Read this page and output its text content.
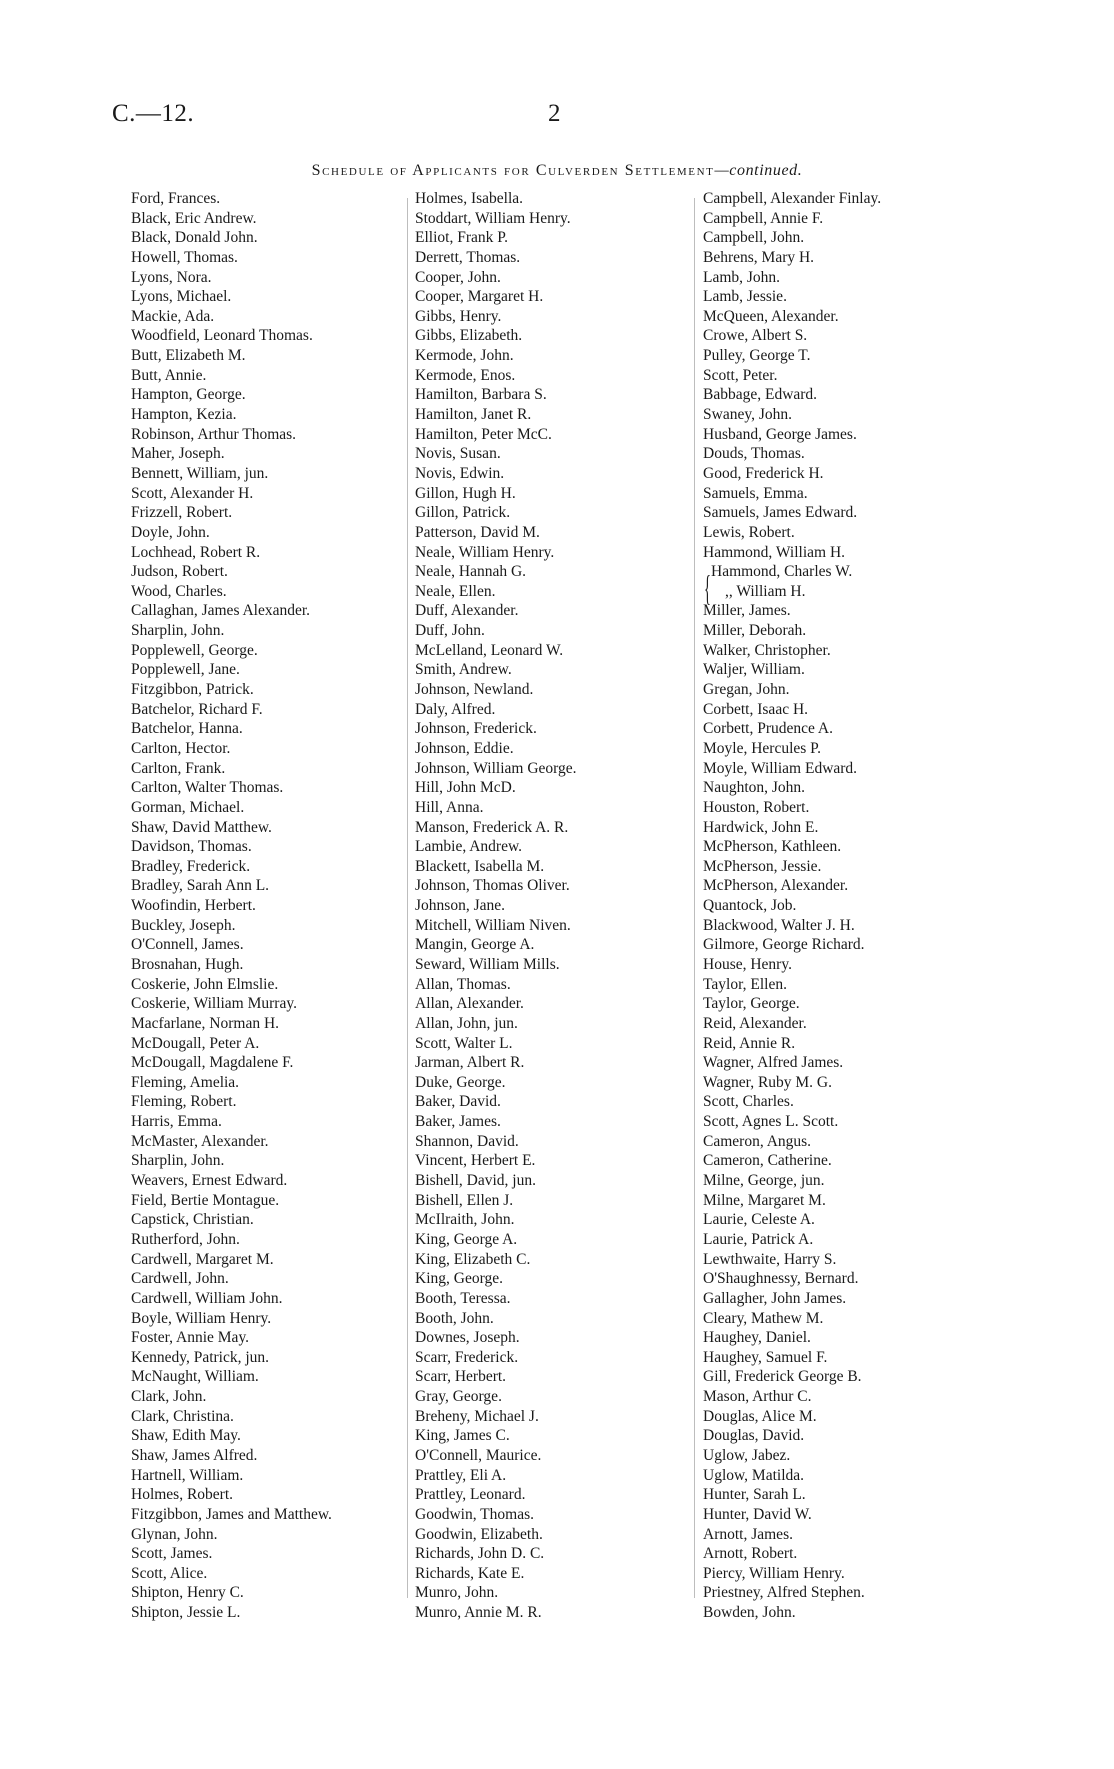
C.—12.	2
Schedule of Applicants for Culverden Settlement—continued.
Ford, Frances.
Black, Eric Andrew.
Black, Donald John.
Howell, Thomas.
Lyons, Nora.
Lyons, Michael.
Mackie, Ada.
Woodfield, Leonard Thomas.
Butt, Elizabeth M.
Butt, Annie.
Hampton, George.
Hampton, Kezia.
Robinson, Arthur Thomas.
Maher, Joseph.
Bennett, William, jun.
Scott, Alexander H.
Frizzell, Robert.
Doyle, John.
Lochhead, Robert R.
Judson, Robert.
Wood, Charles.
Callaghan, James Alexander.
Sharplin, John.
Popplewell, George.
Popplewell, Jane.
Fitzgibbon, Patrick.
Batchelor, Richard F.
Batchelor, Hanna.
Carlton, Hector.
Carlton, Frank.
Carlton, Walter Thomas.
Gorman, Michael.
Shaw, David Matthew.
Davidson, Thomas.
Bradley, Frederick.
Bradley, Sarah Ann L.
Woofindin, Herbert.
Buckley, Joseph.
O'Connell, James.
Brosnahan, Hugh.
Coskerie, John Elmslie.
Coskerie, William Murray.
Macfarlane, Norman H.
McDougall, Peter A.
McDougall, Magdalene F.
Fleming, Amelia.
Fleming, Robert.
Harris, Emma.
McMaster, Alexander.
Sharplin, John.
Weavers, Ernest Edward.
Field, Bertie Montague.
Capstick, Christian.
Rutherford, John.
Cardwell, Margaret M.
Cardwell, John.
Cardwell, William John.
Boyle, William Henry.
Foster, Annie May.
Kennedy, Patrick, jun.
McNaught, William.
Clark, John.
Clark, Christina.
Shaw, Edith May.
Shaw, James Alfred.
Hartnell, William.
Holmes, Robert.
Fitzgibbon, James and Matthew.
Glynan, John.
Scott, James.
Scott, Alice.
Shipton, Henry C.
Shipton, Jessie L.
Holmes, Isabella.
Stoddart, William Henry.
Elliot, Frank P.
Derrett, Thomas.
Cooper, John.
Cooper, Margaret H.
Gibbs, Henry.
Gibbs, Elizabeth.
Kermode, John.
Kermode, Enos.
Hamilton, Barbara S.
Hamilton, Janet R.
Hamilton, Peter McC.
Novis, Susan.
Novis, Edwin.
Gillon, Hugh H.
Gillon, Patrick.
Patterson, David M.
Neale, William Henry.
Neale, Hannah G.
Neale, Ellen.
Duff, Alexander.
Duff, John.
McLelland, Leonard W.
Smith, Andrew.
Johnson, Newland.
Daly, Alfred.
Johnson, Frederick.
Johnson, Eddie.
Johnson, William George.
Hill, John McD.
Hill, Anna.
Manson, Frederick A. R.
Lambie, Andrew.
Blackett, Isabella M.
Johnson, Thomas Oliver.
Johnson, Jane.
Mitchell, William Niven.
Mangin, George A.
Seward, William Mills.
Allan, Thomas.
Allan, Alexander.
Allan, John, jun.
Scott, Walter L.
Jarman, Albert R.
Duke, George.
Baker, David.
Baker, James.
Shannon, David.
Vincent, Herbert E.
Bishell, David, jun.
Bishell, Ellen J.
McIlraith, John.
King, George A.
King, Elizabeth C.
King, George.
Booth, Teressa.
Booth, John.
Downes, Joseph.
Scarr, Frederick.
Scarr, Herbert.
Gray, George.
Breheny, Michael J.
King, James C.
O'Connell, Maurice.
Prattley, Eli A.
Prattley, Leonard.
Goodwin, Thomas.
Goodwin, Elizabeth.
Richards, John D. C.
Richards, Kate E.
Munro, John.
Munro, Annie M. R.
Campbell, Alexander Finlay.
Campbell, Annie F.
Campbell, John.
Behrens, Mary H.
Lamb, John.
Lamb, Jessie.
McQueen, Alexander.
Crowe, Albert S.
Pulley, George T.
Scott, Peter.
Babbage, Edward.
Swaney, John.
Husband, George James.
Douds, Thomas.
Good, Frederick H.
Samuels, Emma.
Samuels, James Edward.
Lewis, Robert.
Hammond, William H.
Hammond, Charles W.
,, William H.
Miller, James.
Miller, Deborah.
Walker, Christopher.
Waljer, William.
Gregan, John.
Corbett, Isaac H.
Corbett, Prudence A.
Moyle, Hercules P.
Moyle, William Edward.
Naughton, John.
Houston, Robert.
Hardwick, John E.
McPherson, Kathleen.
McPherson, Jessie.
McPherson, Alexander.
Quantock, Job.
Blackwood, Walter J. H.
Gilmore, George Richard.
House, Henry.
Taylor, Ellen.
Taylor, George.
Reid, Alexander.
Reid, Annie R.
Wagner, Alfred James.
Wagner, Ruby M. G.
Scott, Charles.
Scott, Agnes L. Scott.
Cameron, Angus.
Cameron, Catherine.
Milne, George, jun.
Milne, Margaret M.
Laurie, Celeste A.
Laurie, Patrick A.
Lewthwaite, Harry S.
O'Shaughnessy, Bernard.
Gallagher, John James.
Cleary, Mathew M.
Haughey, Daniel.
Haughey, Samuel F.
Gill, Frederick George B.
Mason, Arthur C.
Douglas, Alice M.
Douglas, David.
Uglow, Jabez.
Uglow, Matilda.
Hunter, Sarah L.
Hunter, David W.
Arnott, James.
Arnott, Robert.
Piercy, William Henry.
Priestney, Alfred Stephen.
Bowden, John.
{
